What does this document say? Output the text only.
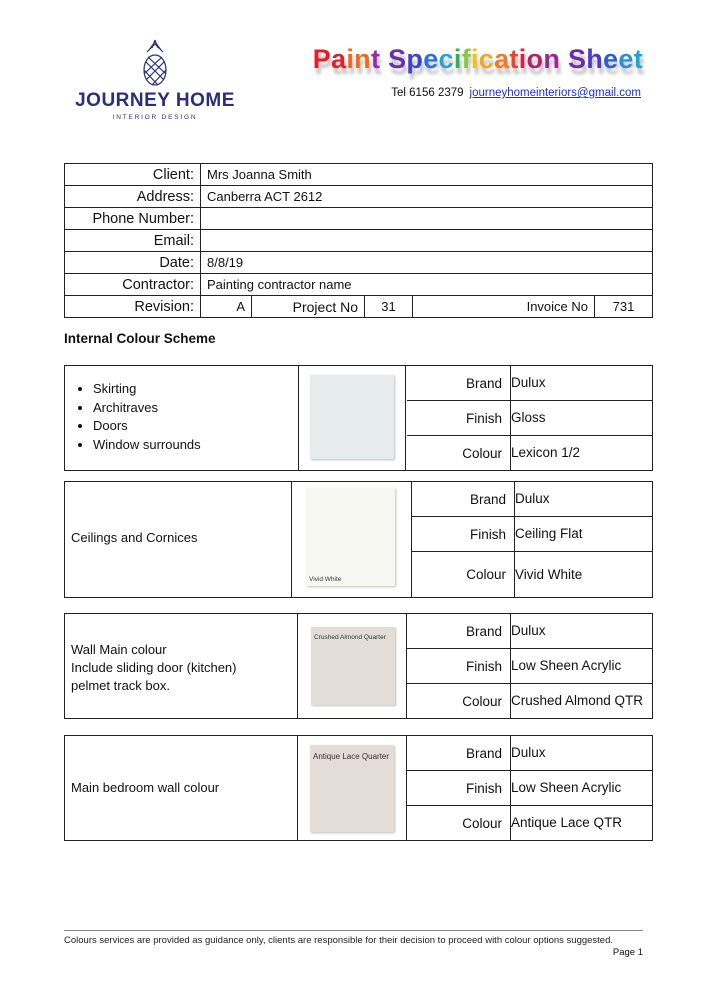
JOURNEY HOME
INTERIOR DESIGN
Paint Specification Sheet
Tel 6156 2379 journeyhomeinteriors@gmail.com
Client:	Mrs Joanna Smith				
Address:	Canberra ACT 2612				
Phone Number:					
Email:					
Date:	8/8/19				
Contractor:	Painting contractor name				
Revision:	A	Project No	31	Invoice No	731
Internal Colour Scheme
• Skirting
• Architraves
• Doors
• Window surrounds
Brand Dulux
Finish Gloss
Colour Lexicon 1/2
Ceilings and Cornices
Vivid White
Brand Dulux
Finish Ceiling Flat
Colour Vivid White
Wall Main colour
Include sliding door (kitchen)
pelmet track box.
Crushed Almond Quarter	Brand Dulux
Finish Low Sheen Acrylic
Colour Crushed Almond QTR
Main bedroom wall colour
Antique Lace Quarter	Brand Dulux
Finish Low Sheen Acrylic
Colour Antique Lace QTR
Colours services are provided as guidance only, clients are responsible for their decision to proceed with colour options suggested.
Page 1
